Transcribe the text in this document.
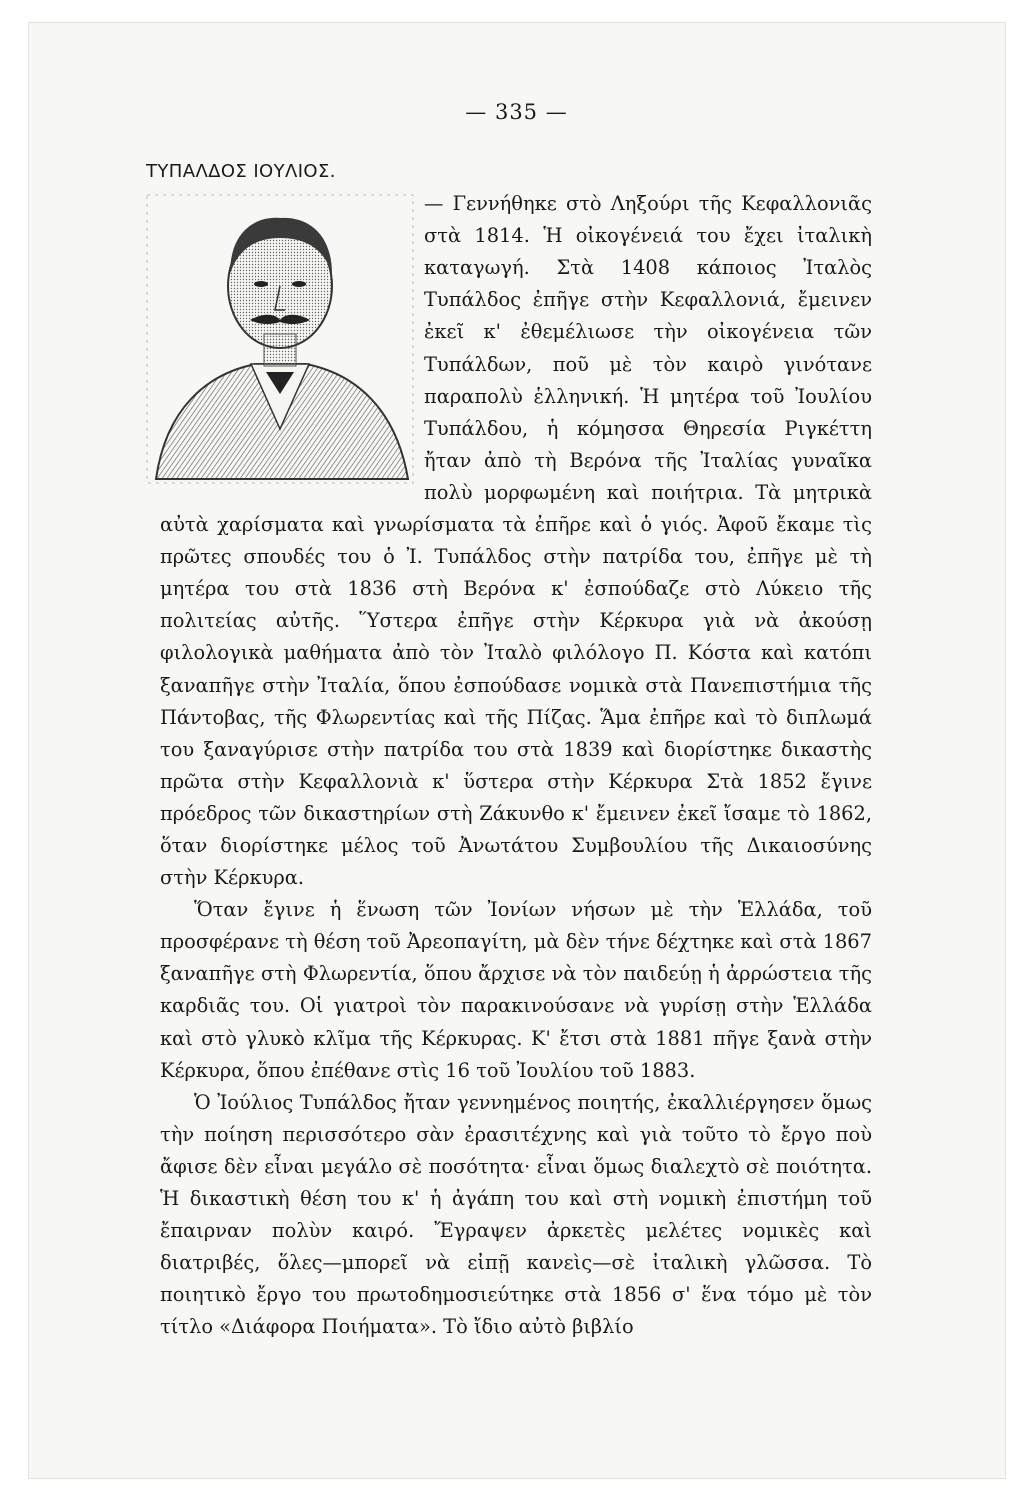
— 335 —

ΤΥΠΑΛΔΟΣ ΙΟΥΛΙΟΣ.
— Γεννήθηκε στὸ Ληξούρι τῆς Κεφαλλονιᾶς στὰ 1814. Ἡ οἰκογένειά του ἔχει ἰταλικὴ καταγωγή. Στὰ 1408 κάποιος Ἰταλὸς Τυπάλδος ἐπῆγε στὴν Κεφαλλονιά, ἔμεινεν ἐκεῖ κ' ἐθεμέλιωσε τὴν οἰκογένεια τῶν Τυπάλδων, ποῦ μὲ τὸν καιρὸ γινότανε παραπολὺ ἑλληνική. Ἡ μητέρα τοῦ Ἰουλίου Τυπάλδου, ἡ κόμησσα Θηρεσία Ριγκέττη ἤταν ἀπὸ τὴ Βερόνα τῆς Ἰταλίας γυναῖκα πολὺ μορφωμένη καὶ ποιήτρια. Τὰ μητρικὰ αὐτὰ χαρίσματα καὶ γνωρίσματα τὰ ἐπῆρε καὶ ὁ γιός. Ἀφοῦ ἔκαμε τὶς πρῶτες σπουδές του ὁ Ἰ. Τυπάλδος στὴν πατρίδα του, ἐπῆγε μὲ τὴ μητέρα του στὰ 1836 στὴ Βερόνα κ' ἐσπούδαζε στὸ Λύκειο τῆς πολιτείας αὐτῆς. Ὕστερα ἐπῆγε στὴν Κέρκυρα γιὰ νὰ ἀκούσῃ φιλολογικὰ μαθήματα ἀπὸ τὸν Ἰταλὸ φιλόλογο Π. Κόστα καὶ κατόπι ξαναπῆγε στὴν Ἰταλία, ὅπου ἐσπούδασε νομικὰ στὰ Πανεπιστήμια τῆς Πάντοβας, τῆς Φλωρεντίας καὶ τῆς Πίζας. Ἅμα ἐπῆρε καὶ τὸ διπλωμά του ξαναγύρισε στὴν πατρίδα του στὰ 1839 καὶ διορίστηκε δικαστὴς πρῶτα στὴν Κεφαλλονιὰ κ' ὕστερα στὴν Κέρκυρα Στὰ 1852 ἔγινε πρόεδρος τῶν δικαστηρίων στὴ Ζάκυνθο κ' ἔμεινεν ἐκεῖ ἴσαμε τὸ 1862, ὅταν διορίστηκε μέλος τοῦ Ἀνωτάτου Συμβουλίου τῆς Δικαιοσύνης στὴν Κέρκυρα.

Ὅταν ἔγινε ἡ ἕνωση τῶν Ἰονίων νήσων μὲ τὴν Ἑλλάδα, τοῦ προσφέρανε τὴ θέση τοῦ Ἀρεοπαγίτη, μὰ δὲν τήνε δέχτηκε καὶ στὰ 1867 ξαναπῆγε στὴ Φλωρεντία, ὅπου ἄρχισε νὰ τὸν παιδεύῃ ἡ ἀρρώστεια τῆς καρδιᾶς του. Οἱ γιατροὶ τὸν παρακινούσανε νὰ γυρίσῃ στὴν Ἑλλάδα καὶ στὸ γλυκὸ κλῖμα τῆς Κέρκυρας. Κ' ἔτσι στὰ 1881 πῆγε ξανὰ στὴν Κέρκυρα, ὅπου ἐπέθανε στὶς 16 τοῦ Ἰουλίου τοῦ 1883.

Ὁ Ἰούλιος Τυπάλδος ἤταν γεννημένος ποιητής, ἐκαλλιέργησεν ὅμως τὴν ποίηση περισσότερο σὰν ἐρασιτέχνης καὶ γιὰ τοῦτο τὸ ἔργο ποὺ ἄφισε δὲν εἶναι μεγάλο σὲ ποσότητα· εἶναι ὅμως διαλεχτὸ σὲ ποιότητα. Ἡ δικαστικὴ θέση του κ' ἡ ἀγάπη του καὶ στὴ νομικὴ ἐπιστήμη τοῦ ἔπαιρναν πολὺν καιρό. Ἔγραψεν ἀρκετὲς μελέτες νομικὲς καὶ διατριβές, ὅλες—μπορεῖ νὰ εἰπῇ κανεὶς—σὲ ἰταλικὴ γλῶσσα. Τὸ ποιητικὸ ἔργο του πρωτοδημοσιεύτηκε στὰ 1856 σ' ἕνα τόμο μὲ τὸν τίτλο «Διάφορα Ποιήματα». Τὸ ἴδιο αὐτὸ βιβλίο
